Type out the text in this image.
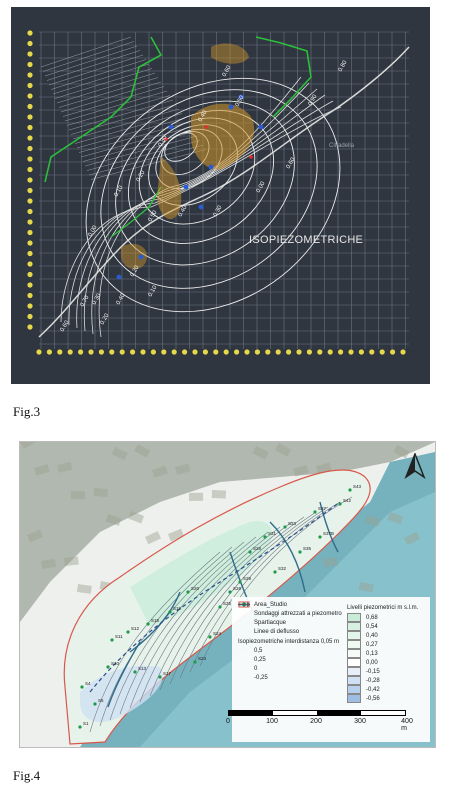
0.80
0.90
0.60
0.50
0.40
0.30
0.20
0.10
0.00
0.70
0.60
0.50	0.40	0.30
0.20
0.10
0.30 0.40
0.00
0.60
0.20
Cittadella
ISOPIEZOMETRICHE
Fig.3
S1
S4
S5
S10
S11
S12
S13
S17
S18
S19
S20
S23
S24
S25
S26
S28
S29
S31
S32
S33
S35
S37
S37B
S42
S43
Area_Studio
Sondaggi attrezzati a piezometro
Spartiacque
Linee di deflusso
Isopiezometriche interdistanza 0,05 m
0,5
0,25
0
-0,25
Livelli piezometrici m s.l.m.
0,68
0,54
0,40
0,27
0,13
0,00
-0,15
-0,28
-0,42
-0,56
0	100	200	300	400 m
Fig.4
